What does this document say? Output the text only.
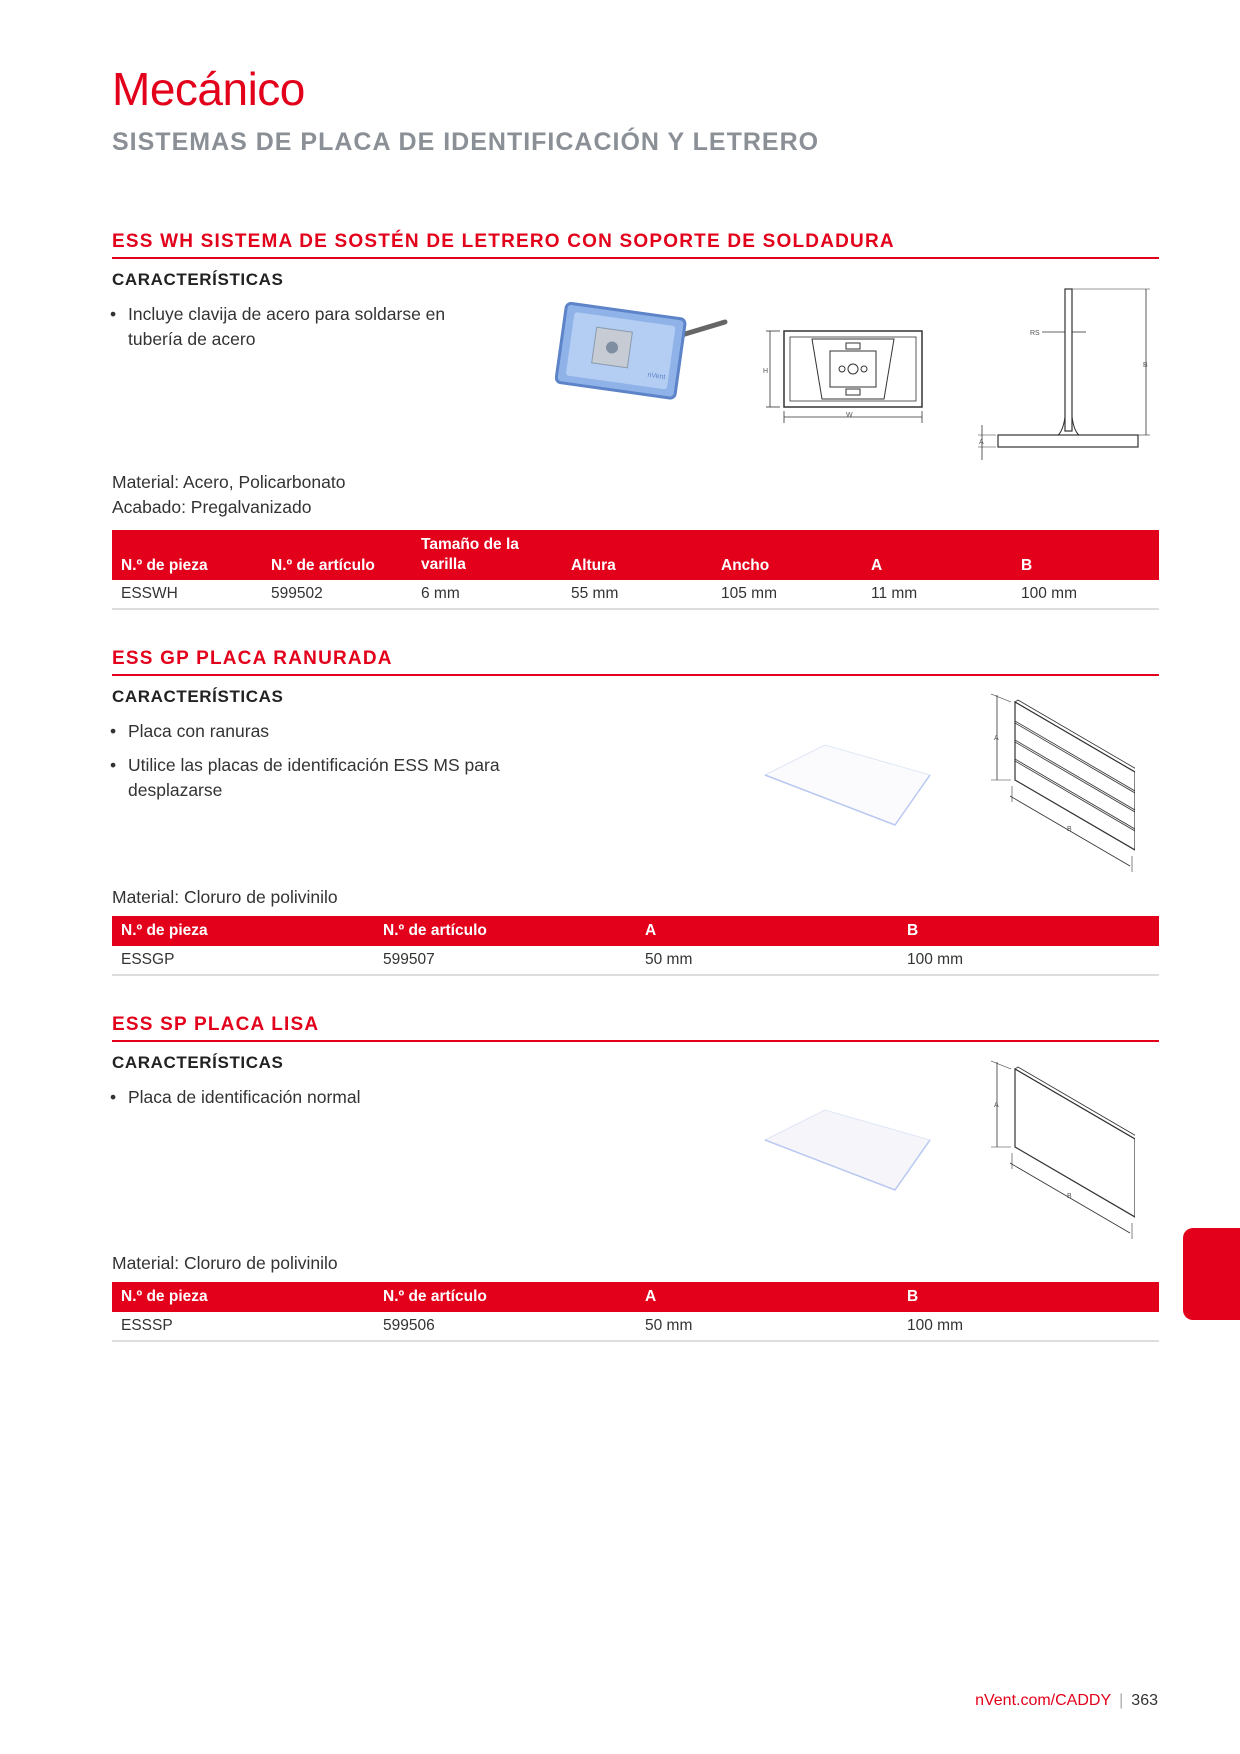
Mecánico
SISTEMAS DE PLACA DE IDENTIFICACIÓN Y LETRERO
ESS WH SISTEMA DE SOSTÉN DE LETRERO CON SOPORTE DE SOLDADURA
CARACTERÍSTICAS
• Incluye clavija de acero para soldarse en tubería de acero
nVent
H
W
B
RS
A
Material: Acero, Policarbonato
Acabado: Pregalvanizado
N.º de pieza	N.º de artículo	Tamaño de la varilla	Altura	Ancho	A	B
ESSWH	599502	6 mm	55 mm	105 mm	11 mm	100 mm
ESS GP PLACA RANURADA
CARACTERÍSTICAS
• Placa con ranuras
• Utilice las placas de identificación ESS MS para desplazarse
A
B
Material: Cloruro de polivinilo
N.º de pieza	N.º de artículo	A	B
ESSGP	599507	50 mm	100 mm
ESS SP PLACA LISA
CARACTERÍSTICAS
• Placa de identificación normal	A
B
Material: Cloruro de polivinilo
N.º de pieza	N.º de artículo	A	B
ESSSP	599506	50 mm	100 mm
nVent.com/CADDY | 363
